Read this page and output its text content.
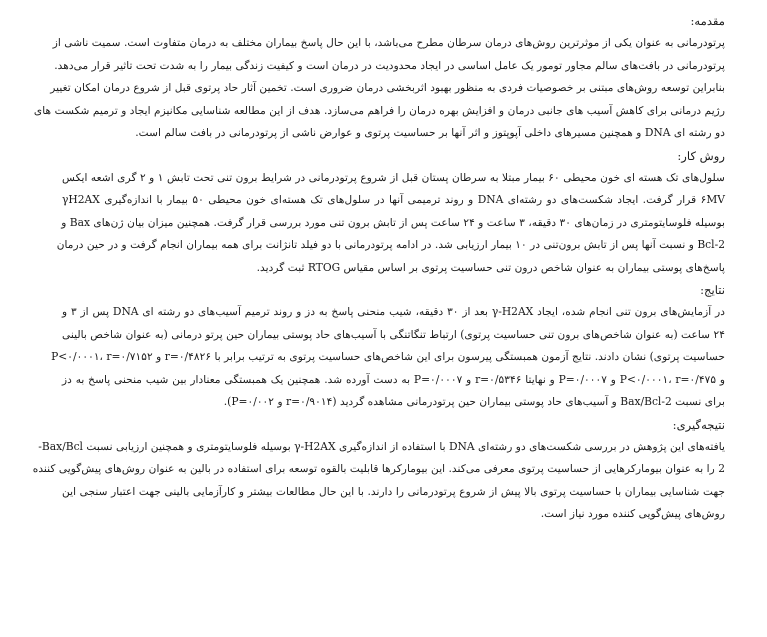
مقدمه:
پرتودرمانی به عنوان یکی از موثرترین روش‌های درمان سرطان مطرح می‌باشد، با این حال پاسخ بیماران مختلف به درمان متفاوت است. سمیت ناشی از
پرتودرمانی در بافت‌های سالم مجاور تومور یک عامل اساسی در ایجاد محدودیت در درمان است و کیفیت زندگی بیمار را به شدت تحت تاثیر قرار می‌دهد.
بنابراین توسعه روش‌های مبتنی بر خصوصیات فردی به منظور بهبود اثربخشی درمان ضروری است. تخمین آثار حاد پرتوی قبل از شروع درمان امکان تغییر
رژیم درمانی برای کاهش آسیب های جانبی درمان و افزایش بهره درمان را فراهم می‌سازد. هدف از این مطالعه شناسایی مکانیزم ایجاد و ترمیم شکست های
دو رشته ای DNA و همچنین مسیرهای داخلی آپوپتوز و اثر آنها بر حساسیت پرتوی و عوارض ناشی از پرتودرمانی در بافت سالم است.
روش کار:
سلول‌های تک هسته ای خون محیطی ۶۰ بیمار مبتلا به سرطان پستان قبل از شروع پرتودرمانی در شرایط برون تنی تحت تابش ۱ و ۲ گری اشعه ایکس
۶MV قرار گرفت. ایجاد شکست‌های دو رشته‌ای DNA و روند ترمیمی آنها در سلول‌های تک هسته‌ای خون محیطی ۵۰ بیمار با اندازه‌گیری γH2AX
بوسیله فلوسایتومتری در زمان‌های ۳۰ دقیقه، ۳ ساعت و ۲۴ ساعت پس از تابش برون تنی مورد بررسی قرار گرفت. همچنین میزان بیان ژن‌های Bax و
Bcl-2 و نسبت آنها پس از تابش برون‌تنی در ۱۰ بیمار ارزیابی شد. در ادامه پرتودرمانی با دو فیلد تانژانت برای همه بیماران انجام گرفت و در حین درمان
پاسخ‌های پوستی بیماران به عنوان شاخص درون تنی حساسیت پرتوی بر اساس مقیاس RTOG ثبت گردید.
نتایج:
در آزمایش‌های برون تنی انجام شده، ایجاد γ-H2AX بعد از ۳۰ دقیقه، شیب منحنی پاسخ به دز و روند ترمیم آسیب‌های دو رشته ای DNA پس از ۳ و
۲۴ ساعت (به عنوان شاخص‌های برون تنی حساسیت پرتوی) ارتباط تنگاتنگی با آسیب‌های حاد پوستی بیماران حین پرتو درمانی (به عنوان شاخص بالینی
حساسیت پرتوی) نشان دادند. نتایج آزمون همبستگی پیرسون برای این شاخص‌های حساسیت پرتوی به ترتیب برابر با r=۰/۴۸۲۶ و P<۰/۰۰۰۱، r=۰/۷۱۵۲
و P<۰/۰۰۰۱، r=۰/۴۷۵ و P=۰/۰۰۰۷ و نهایتا r=۰/۵۳۴۶ و P=۰/۰۰۰۷ به دست آورده شد. همچنین یک همبستگی معنادار بین شیب منحنی پاسخ به دز
برای نسبت Bax/Bcl-2 و آسیب‌های حاد پوستی بیماران حین پرتودرمانی مشاهده گردید (r=۰/۹۰۱۴ و P=۰/۰۰۲).
نتیجه‌گیری:
یافته‌های این پژوهش در بررسی شکست‌های دو رشته‌ای DNA با استفاده از اندازه‌گیری γ-H2AX بوسیله فلوسایتومتری و همچنین ارزیابی نسبت Bax/Bcl-
2 را به عنوان بیومارکرهایی از حساسیت پرتوی معرفی می‌کند. این بیومارکرها قابلیت بالقوه توسعه برای استفاده در بالین به عنوان روش‌های پیش‌گویی کننده
جهت شناسایی بیماران با حساسیت پرتوی بالا پیش از شروع پرتودرمانی را دارند. با این حال مطالعات بیشتر و کارآزمایی بالینی جهت اعتبار سنجی این
روش‌های پیش‌گویی کننده مورد نیاز است.
